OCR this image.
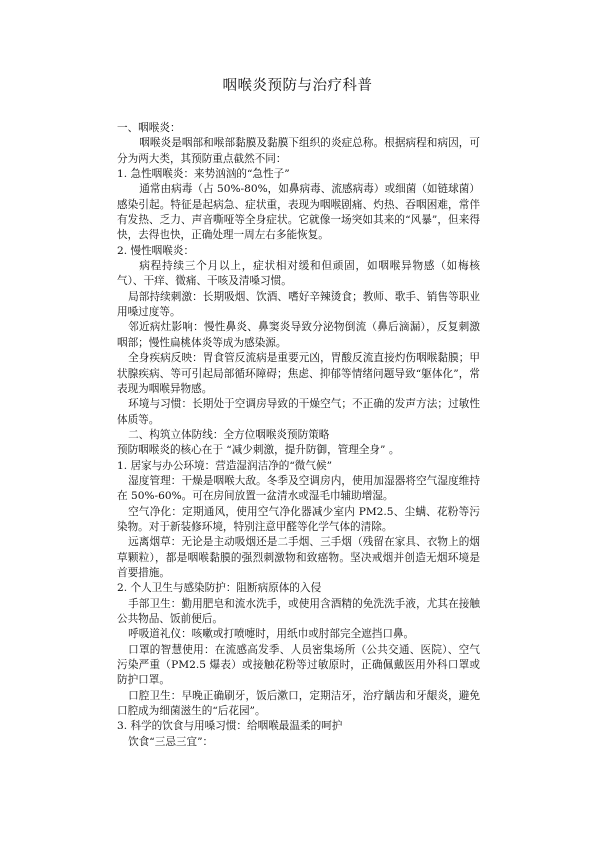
咽喉炎预防与治疗科普

一、咽喉炎：

咽喉炎是咽部和喉部黏膜及黏膜下组织的炎症总称。根据病程和病因，可分为两大类，其预防重点截然不同：

1. 急性咽喉炎：来势汹汹的“急性子”

通常由病毒（占 50%-80%，如鼻病毒、流感病毒）或细菌（如链球菌）感染引起。特征是起病急、症状重，表现为咽喉剧痛、灼热、吞咽困难，常伴有发热、乏力、声音嘶哑等全身症状。它就像一场突如其来的“风暴”，但来得快，去得也快，正确处理一周左右多能恢复。

2. 慢性咽喉炎：

病程持续三个月以上，症状相对缓和但顽固，如咽喉异物感（如梅核气）、干痒、微痛、干咳及清嗓习惯。

局部持续刺激：长期吸烟、饮酒、嗜好辛辣烫食；教师、歌手、销售等职业用嗓过度等。

邻近病灶影响：慢性鼻炎、鼻窦炎导致分泌物倒流（鼻后滴漏），反复刺激咽部；慢性扁桃体炎等成为感染源。

全身疾病反映：胃食管反流病是重要元凶，胃酸反流直接灼伤咽喉黏膜；甲状腺疾病、等可引起局部循环障碍；焦虑、抑郁等情绪问题导致“躯体化”，常表现为咽喉异物感。

环境与习惯：长期处于空调房导致的干燥空气；不正确的发声方法；过敏性体质等。

二、构筑立体防线：全方位咽喉炎预防策略

预防咽喉炎的核心在于 “减少刺激，提升防御，管理全身” 。

1. 居家与办公环境：营造湿润洁净的“微气候”

湿度管理：干燥是咽喉大敌。冬季及空调房内，使用加湿器将空气湿度维持在 50%-60%。可在房间放置一盆清水或湿毛巾辅助增湿。

空气净化：定期通风，使用空气净化器减少室内 PM2.5、尘螨、花粉等污染物。对于新装修环境，特别注意甲醛等化学气体的清除。

远离烟草：无论是主动吸烟还是二手烟、三手烟（残留在家具、衣物上的烟草颗粒），都是咽喉黏膜的强烈刺激物和致癌物。坚决戒烟并创造无烟环境是首要措施。

2. 个人卫生与感染防护：阻断病原体的入侵

手部卫生：勤用肥皂和流水洗手，或使用含酒精的免洗洗手液，尤其在接触公共物品、饭前便后。

呼吸道礼仪：咳嗽或打喷嚏时，用纸巾或肘部完全遮挡口鼻。

口罩的智慧使用：在流感高发季、人员密集场所（公共交通、医院）、空气污染严重（PM2.5 爆表）或接触花粉等过敏原时，正确佩戴医用外科口罩或防护口罩。

口腔卫生：早晚正确刷牙，饭后漱口，定期洁牙，治疗龋齿和牙龈炎，避免口腔成为细菌滋生的“后花园”。

3. 科学的饮食与用嗓习惯：给咽喉最温柔的呵护

饮食“三忌三宜”：
